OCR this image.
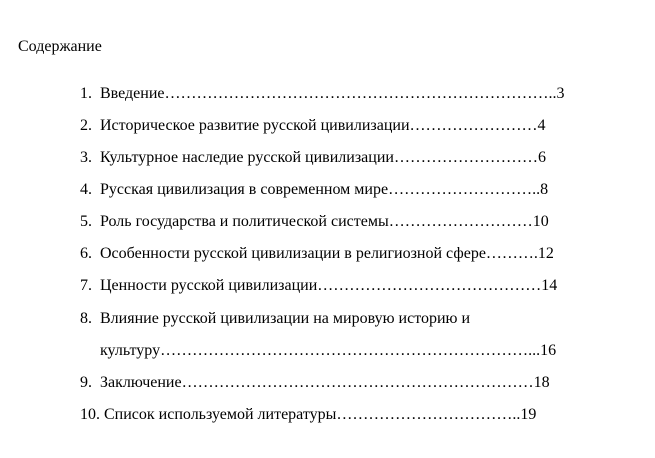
Содержание
1.  Введение………………………………………………………………..3
2.  Историческое развитие русской цивилизации……………………4
3.  Культурное наследие русской цивилизации………………………6
4.  Русская цивилизация в современном мире………………………..8
5.  Роль государства и политической системы………………………10
6.  Особенности русской цивилизации в религиозной сфере……….12
7.  Ценности русской цивилизации……………………………………14
8.  Влияние русской цивилизации на мировую историю и
культуру……………………………………………………………...16
9.  Заключение…………………………………………………………18
10. Список используемой литературы……………………………..19
